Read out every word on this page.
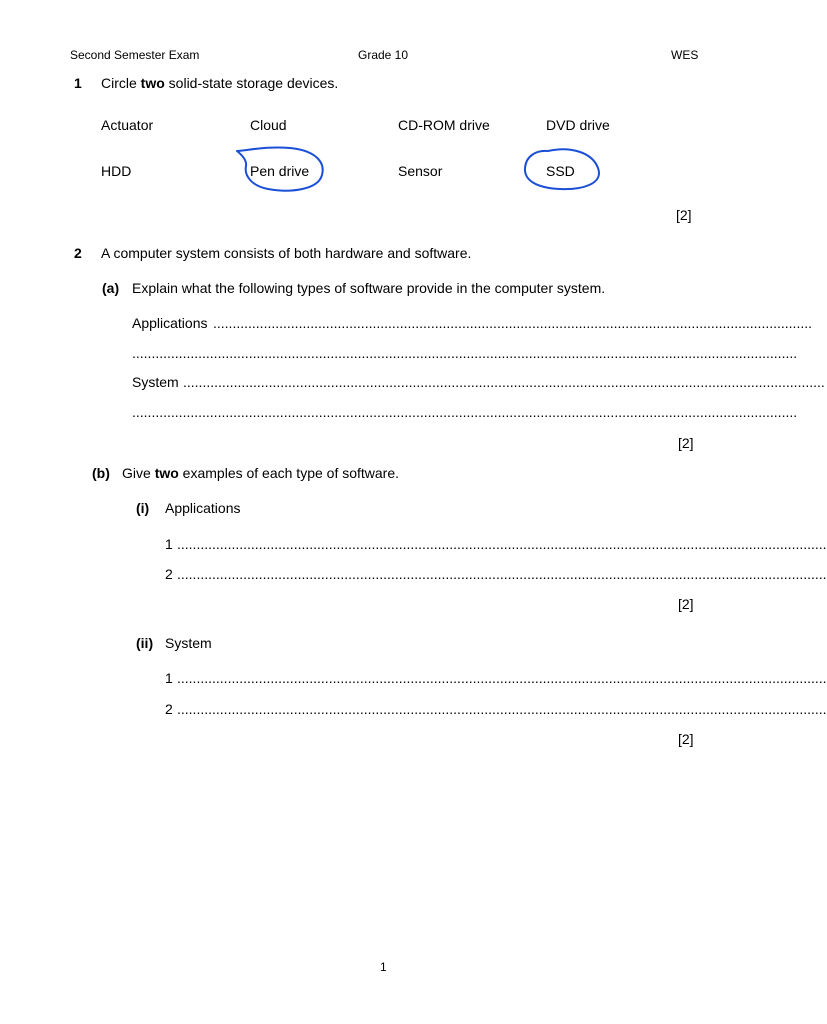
Second Semester Exam	Grade 10	WES
1 Circle two solid-state storage devices.
Actuator	Cloud	CD-ROM drive	DVD drive
HDD	Pen drive	Sensor	SSD
[2]
2 A computer system consists of both hardware and software.
(a) Explain what the following types of software provide in the computer system.
Applications ..........................................................................................................................................................
...........................................................................................................................................................................
System .....................................................................................................................................................................
...........................................................................................................................................................................
[2]
(b) Give two examples of each type of software.
(i) Applications
1 .......................................................................................................................................................................
2 .......................................................................................................................................................................
[2]
(ii) System
1 .......................................................................................................................................................................
2 .......................................................................................................................................................................
[2]
1
